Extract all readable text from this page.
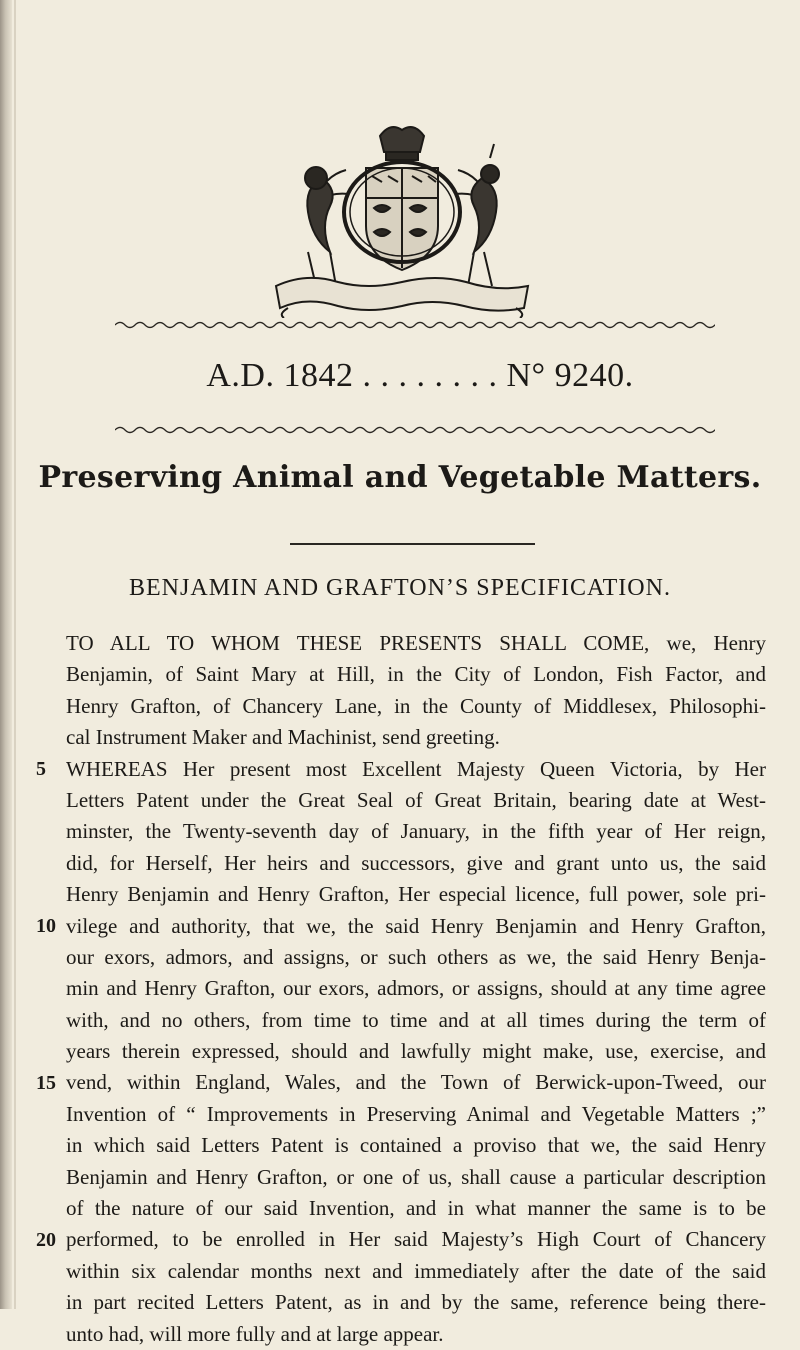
A.D. 1842 . . . . . . . . N° 9240.
Preserving Animal and Vegetable Matters.
BENJAMIN AND GRAFTON’S SPECIFICATION.
TO ALL TO WHOM THESE PRESENTS SHALL COME, we, Henry
Benjamin, of Saint Mary at Hill, in the City of London, Fish Factor, and
Henry Grafton, of Chancery Lane, in the County of Middlesex, Philosophi-
cal Instrument Maker and Machinist, send greeting.
WHEREAS Her present most Excellent Majesty Queen Victoria, by Her
Letters Patent under the Great Seal of Great Britain, bearing date at West-
minster, the Twenty-seventh day of January, in the fifth year of Her reign,
did, for Herself, Her heirs and successors, give and grant unto us, the said
Henry Benjamin and Henry Grafton, Her especial licence, full power, sole pri-
vilege and authority, that we, the said Henry Benjamin and Henry Grafton,
our exors, admors, and assigns, or such others as we, the said Henry Benja-
min and Henry Grafton, our exors, admors, or assigns, should at any time agree
with, and no others, from time to time and at all times during the term of
years therein expressed, should and lawfully might make, use, exercise, and
vend, within England, Wales, and the Town of Berwick-upon-Tweed, our
Invention of “ Improvements in Preserving Animal and Vegetable Matters ;”
in which said Letters Patent is contained a proviso that we, the said Henry
Benjamin and Henry Grafton, or one of us, shall cause a particular description
of the nature of our said Invention, and in what manner the same is to be
performed, to be enrolled in Her said Majesty’s High Court of Chancery
within six calendar months next and immediately after the date of the said
in part recited Letters Patent, as in and by the same, reference being there-
unto had, will more fully and at large appear.
5
10
15
20
